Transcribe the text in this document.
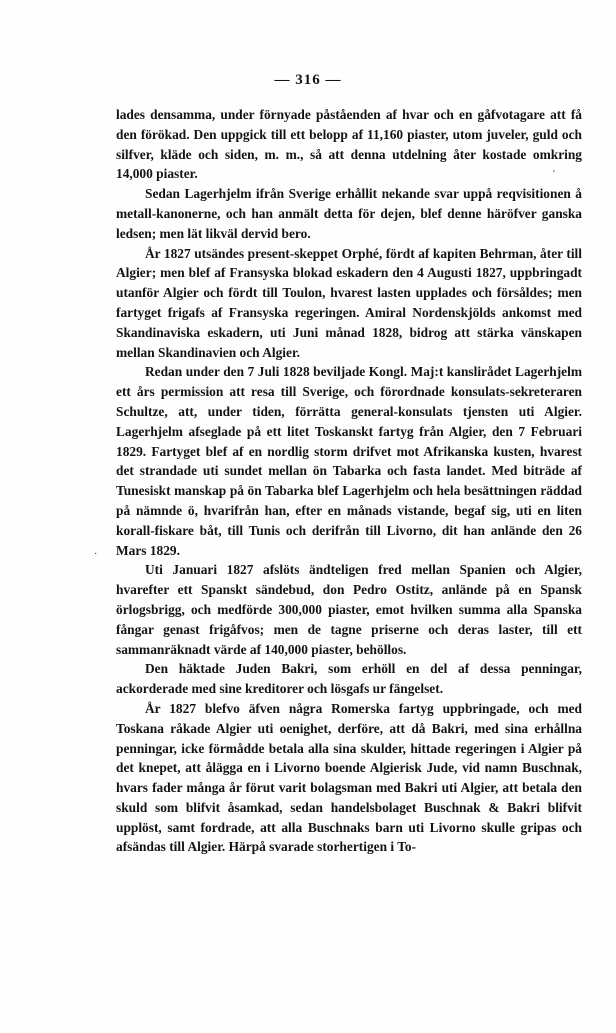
— 316 —
'
·

lades densamma, under förnyade påståenden af hvar och en gåfvotagare att få den förökad. Den uppgick till ett belopp af 11,160 piaster, utom juveler, guld och silfver, kläde och siden, m. m., så att denna utdelning åter kostade omkring 14,000 piaster.

Sedan Lagerhjelm ifrån Sverige erhållit nekande svar uppå reqvisitionen å metall-kanonerne, och han anmält detta för dejen, blef denne häröfver ganska ledsen; men lät likväl dervid bero.

År 1827 utsändes present-skeppet Orphé, fördt af kapiten Behrman, åter till Algier; men blef af Fransyska blokad eskadern den 4 Augusti 1827, uppbringadt utanför Algier och fördt till Toulon, hvarest lasten upplades och försåldes; men fartyget frigafs af Fransyska regeringen. Amiral Nordenskjölds ankomst med Skandinaviska eskadern, uti Juni månad 1828, bidrog att stärka vänskapen mellan Skandinavien och Algier.

Redan under den 7 Juli 1828 beviljade Kongl. Maj:t kanslirådet Lagerhjelm ett års permission att resa till Sverige, och förordnade konsulats-sekreteraren Schultze, att, under tiden, förrätta general-konsulats tjensten uti Algier. Lagerhjelm afseglade på ett litet Toskanskt fartyg från Algier, den 7 Februari 1829. Fartyget blef af en nordlig storm drifvet mot Afrikanska kusten, hvarest det strandade uti sundet mellan ön Tabarka och fasta landet. Med biträde af Tunesiskt manskap på ön Tabarka blef Lagerhjelm och hela besättningen räddad på nämnde ö, hvarifrån han, efter en månads vistande, begaf sig, uti en liten korall-fiskare båt, till Tunis och derifrån till Livorno, dit han anlände den 26 Mars 1829.

Uti Januari 1827 afslöts ändteligen fred mellan Spanien och Algier, hvarefter ett Spanskt sändebud, don Pedro Ostitz, anlände på en Spansk örlogsbrigg, och medförde 300,000 piaster, emot hvilken summa alla Spanska fångar genast frigåfvos; men de tagne priserne och deras laster, till ett sammanräknadt värde af 140,000 piaster, behöllos.

Den häktade Juden Bakri, som erhöll en del af dessa penningar, ackorderade med sine kreditorer och lösgafs ur fängelset.

År 1827 blefvo äfven några Romerska fartyg uppbringade, och med Toskana råkade Algier uti oenighet, derföre, att då Bakri, med sina erhållna penningar, icke förmådde betala alla sina skulder, hittade regeringen i Algier på det knepet, att ålägga en i Livorno boende Algierisk Jude, vid namn Buschnak, hvars fader många år förut varit bolagsman med Bakri uti Algier, att betala den skuld som blifvit åsamkad, sedan handelsbolaget Buschnak & Bakri blifvit upplöst, samt fordrade, att alla Buschnaks barn uti Livorno skulle gripas och afsändas till Algier. Härpå svarade storhertigen i To-
